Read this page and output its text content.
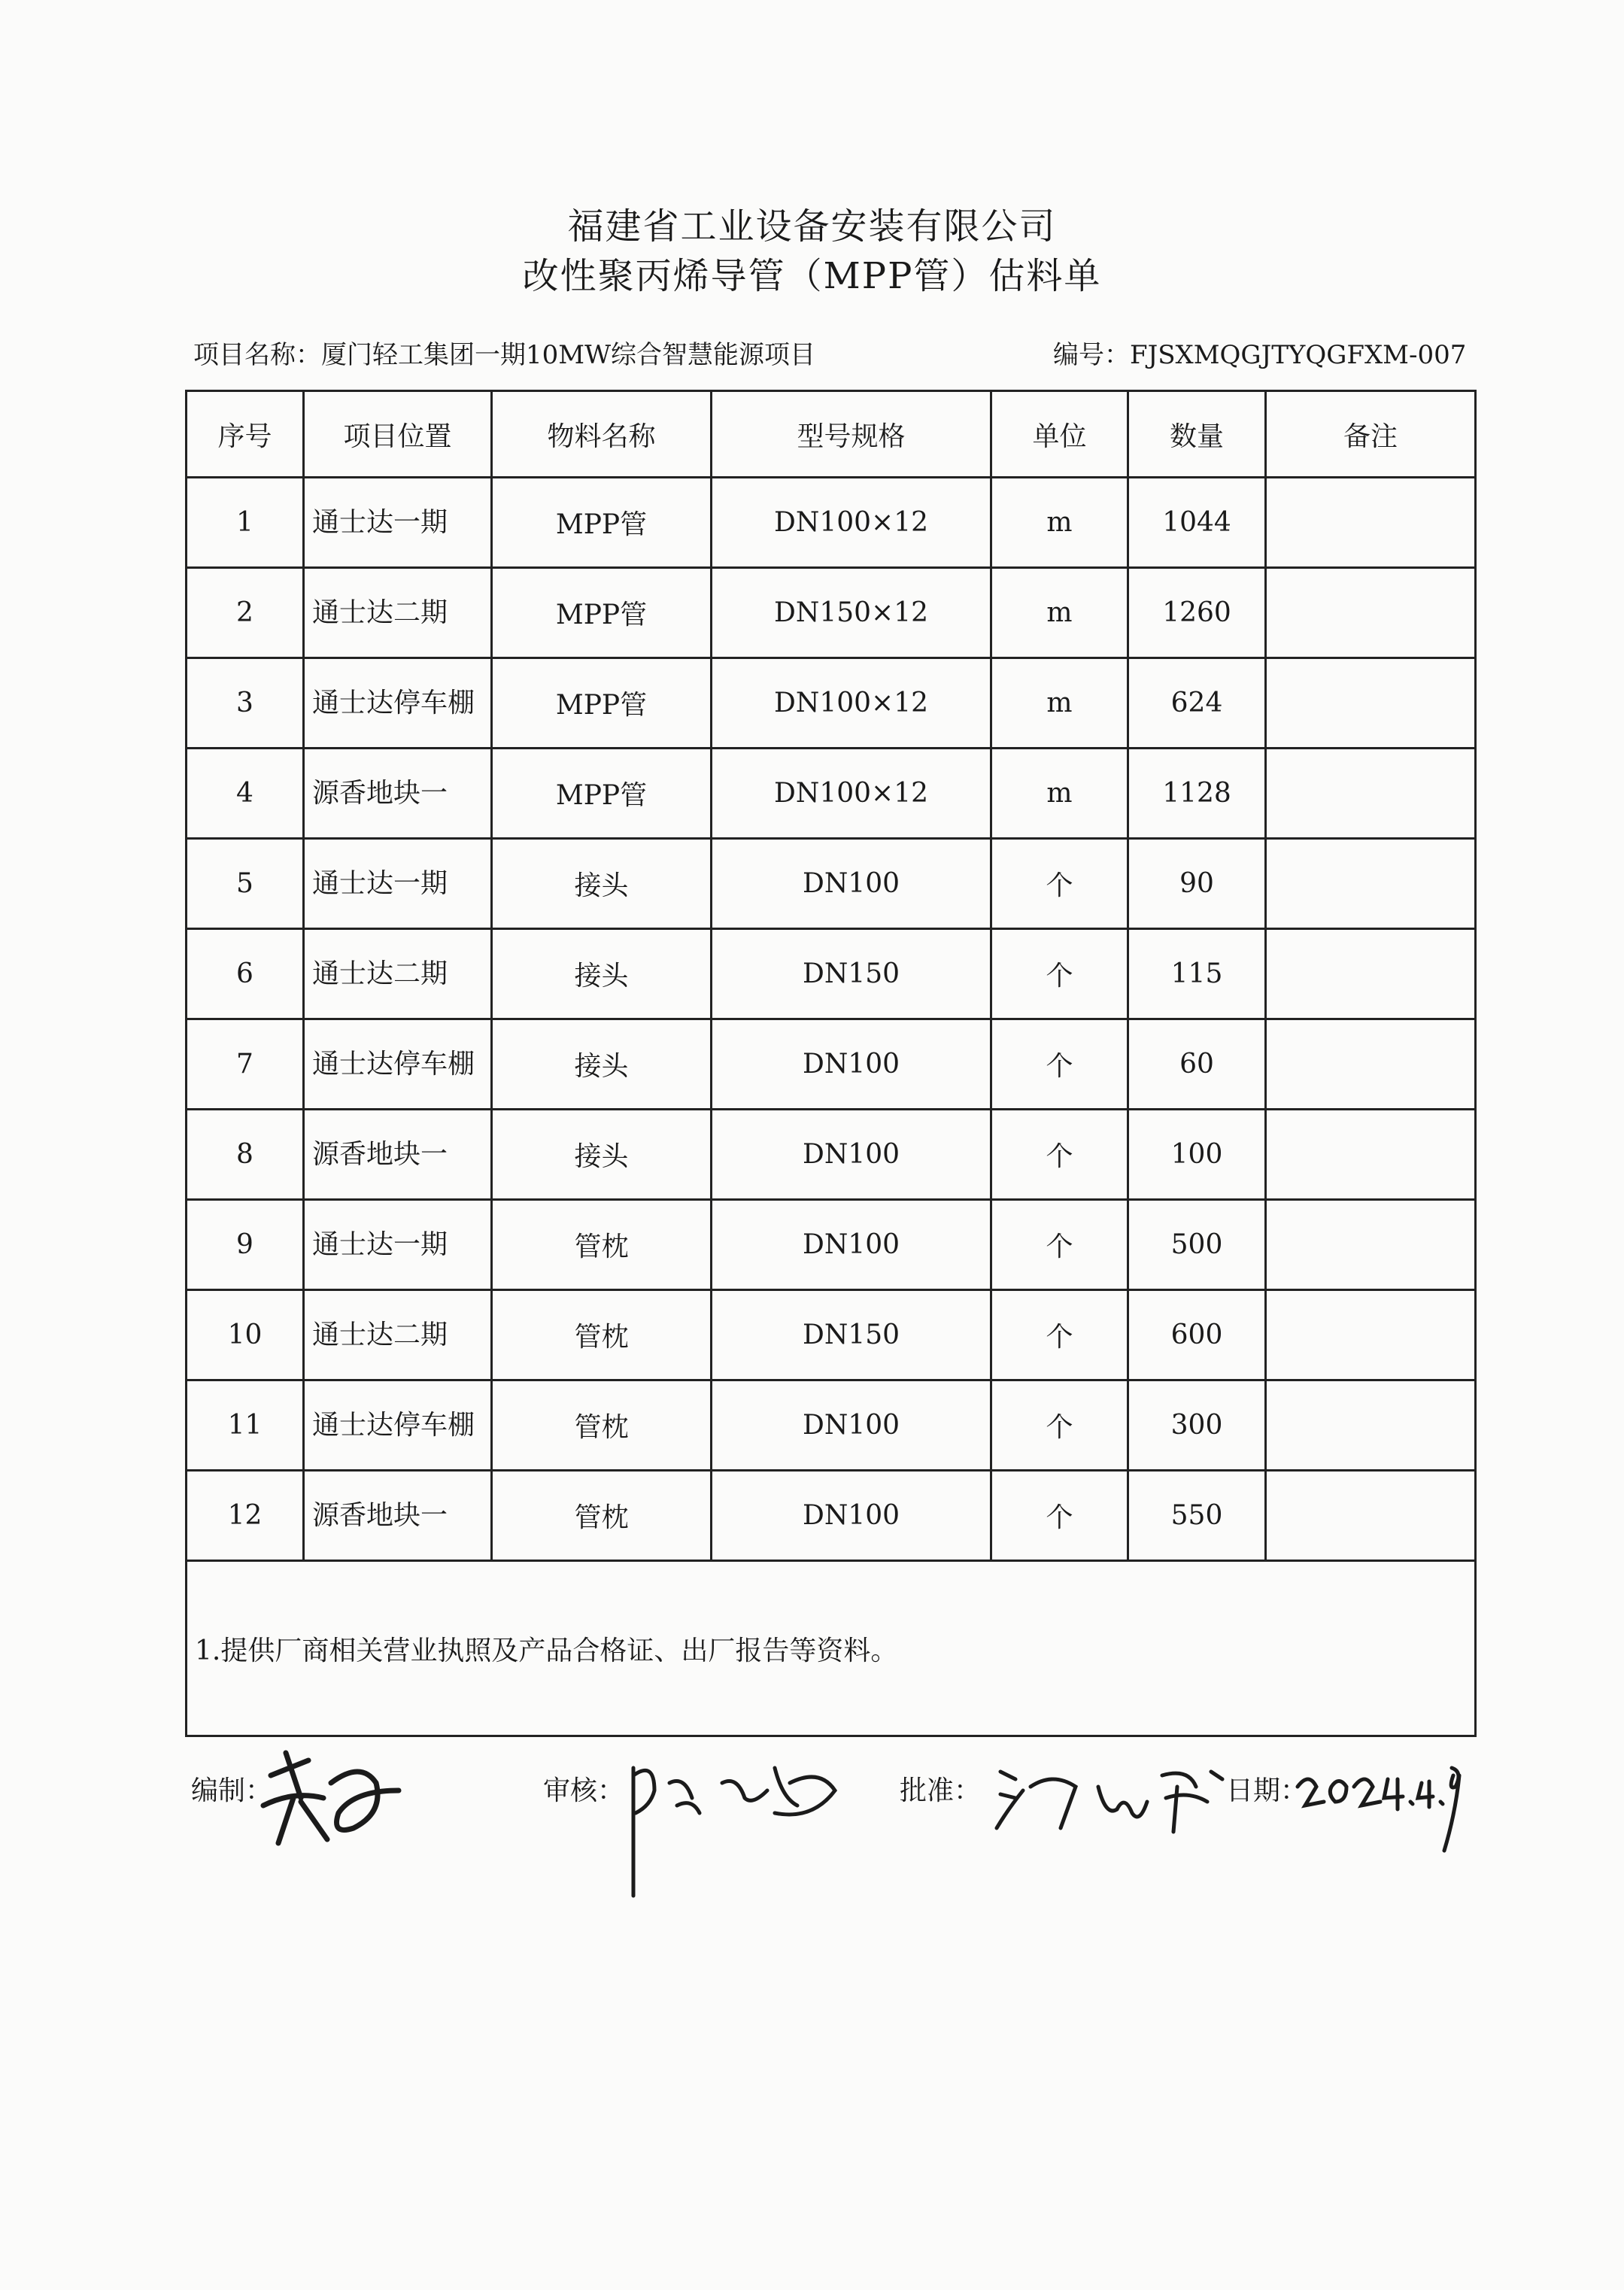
福建省工业设备安装有限公司
改性聚丙烯导管（MPP管）估料单
项目名称：厦门轻工集团一期10MW综合智慧能源项目	编号：FJSXMQGJTYQGFXM-007
序号	项目位置	物料名称	型号规格	单位	数量	备注
1	通士达一期	MPP管	DN100×12	m	1044	
2	通士达二期	MPP管	DN150×12	m	1260	
3	通士达停车棚	MPP管	DN100×12	m	624	
4	源香地块一	MPP管	DN100×12	m	1128	
5	通士达一期	接头	DN100	个	90	
6	通士达二期	接头	DN150	个	115	
7	通士达停车棚	接头	DN100	个	60	
8	源香地块一	接头	DN100	个	100	
9	通士达一期	管枕	DN100	个	500	
10	通士达二期	管枕	DN150	个	600	
11	通士达停车棚	管枕	DN100	个	300	
12	源香地块一	管枕	DN100	个	550	
1.提供厂商相关营业执照及产品合格证、出厂报告等资料。						
编制：	审核：	批准：	日期：
